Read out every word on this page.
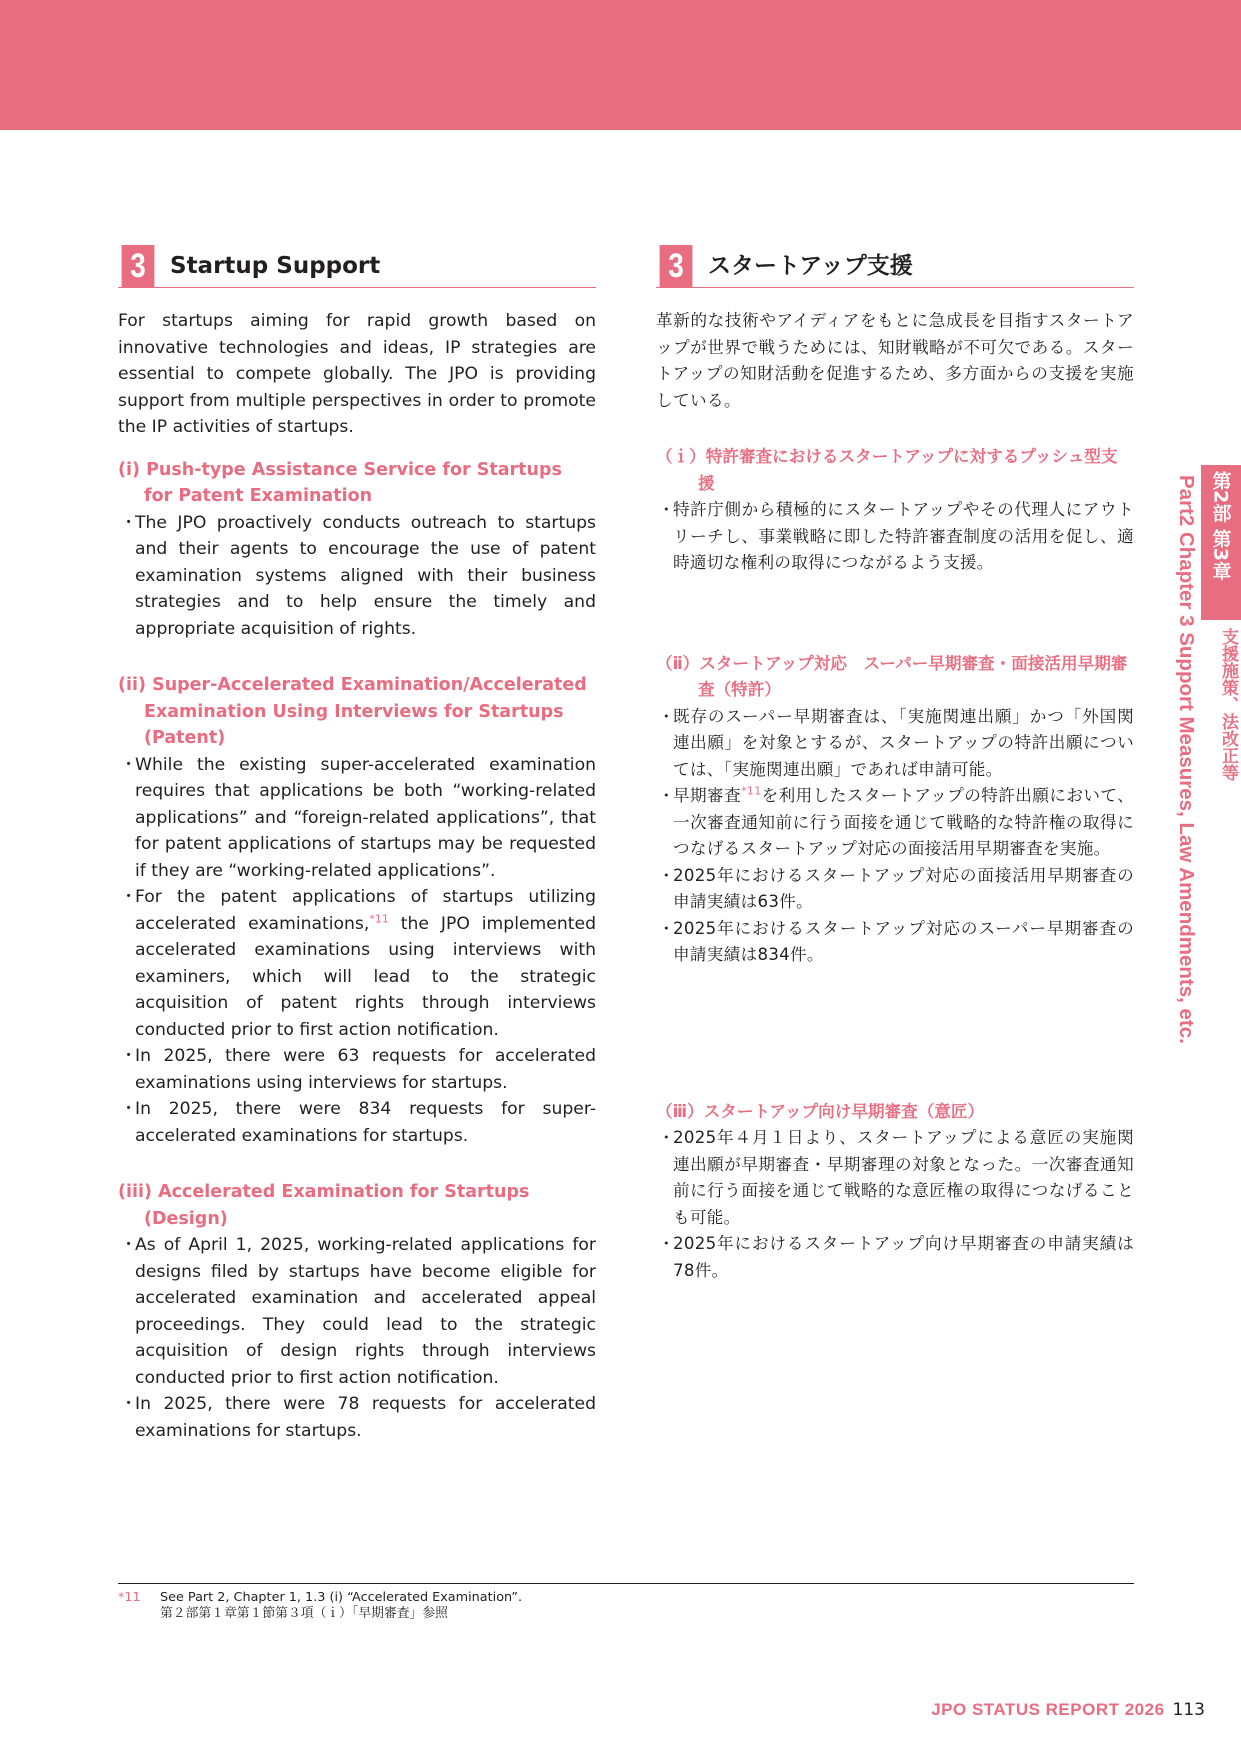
3	Startup Support

For startups aiming for rapid growth based on innovative technologies and ideas, IP strategies are essential to compete globally. The JPO is providing support from multiple perspectives in order to promote the IP activities of startups.

(i) Push-type Assistance Service for Startups for Patent Examination
・
The JPO proactively conducts outreach to startups and their agents to encourage the use of patent examination systems aligned with their business strategies and to help ensure the timely and appropriate acquisition of rights.
(ii) Super-Accelerated Examination/Accelerated Examination Using Interviews for Startups (Patent)
・
While the existing super-accelerated examination requires that applications be both “working-related applications” and “foreign-related applications”, that for patent applications of startups may be requested if they are “working-related applications”.
・
For the patent applications of startups utilizing accelerated examinations,$^{*11}$ the JPO implemented accelerated examinations using interviews with examiners, which will lead to the strategic acquisition of patent rights through interviews conducted prior to first action notification.
・
In 2025, there were 63 requests for accelerated examinations using interviews for startups.
・
In 2025, there were 834 requests for super-accelerated examinations for startups.
(iii) Accelerated Examination for Startups (Design)
・
As of April 1, 2025, working-related applications for designs filed by startups have become eligible for accelerated examination and accelerated appeal proceedings. They could lead to the strategic acquisition of design rights through interviews conducted prior to first action notification.
・
In 2025, there were 78 requests for accelerated examinations for startups.
3	スタートアップ支援

革新的な技術やアイディアをもとに急成長を目指すスタートアップが世界で戦うためには、知財戦略が不可欠である。スタートアップの知財活動を促進するため、多方面からの支援を実施している。

（ｉ）特許審査におけるスタートアップに対するプッシュ型支援
・
特許庁側から積極的にスタートアップやその代理人にアウトリーチし、事業戦略に即した特許審査制度の活用を促し、適時適切な権利の取得につながるよう支援。
（ⅱ）スタートアップ対応　スーパー早期審査・面接活用早期審査（特許）
・
既存のスーパー早期審査は、「実施関連出願」かつ「外国関連出願」を対象とするが、スタートアップの特許出願については、「実施関連出願」であれば申請可能。
・
早期審査$^{*11}$を利用したスタートアップの特許出願において、一次審査通知前に行う面接を通じて戦略的な特許権の取得につなげるスタートアップ対応の面接活用早期審査を実施。
・
2025年におけるスタートアップ対応の面接活用早期審査の申請実績は63件。
・
2025年におけるスタートアップ対応のスーパー早期審査の申請実績は834件。
（ⅲ）スタートアップ向け早期審査（意匠）
・
2025年４月１日より、スタートアップによる意匠の実施関連出願が早期審査・早期審理の対象となった。一次審査通知前に行う面接を通じて戦略的な意匠権の取得につなげることも可能。
・
2025年におけるスタートアップ向け早期審査の申請実績は78件。
第2部 第3章
支援施策、法改正等
Part2 Chapter 3 Support Measures, Law Amendments, etc.
*11	See Part 2, Chapter 1, 1.3 (i) “Accelerated Examination”.
第２部第１章第１節第３項（ｉ）「早期審査」参照
JPO STATUS REPORT 2026 113
